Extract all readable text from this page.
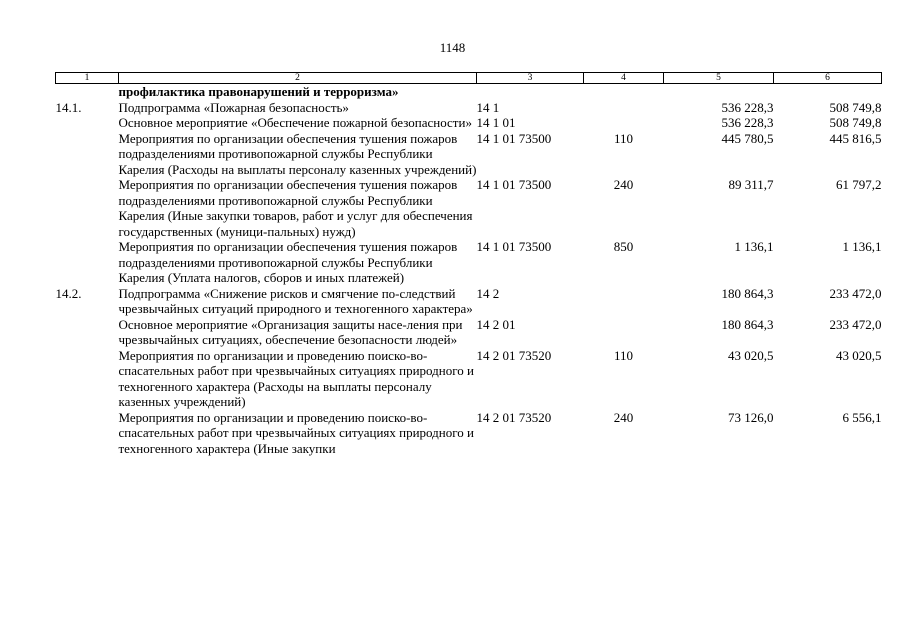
1148
1	2	3	4	5	6
	профилактика правонарушений и терроризма»				
14.1.	Подпрограмма «Пожарная безопасность»	14 1		536 228,3	508 749,8
	Основное мероприятие «Обеспечение пожарной безопасности»	14 1 01		536 228,3	508 749,8
	Мероприятия по организации обеспечения тушения пожаров подразделениями противопожарной службы Республики Карелия (Расходы на выплаты персоналу казенных учреждений)	14 1 01 73500	110	445 780,5	445 816,5
	Мероприятия по организации обеспечения тушения пожаров подразделениями противопожарной службы Республики Карелия (Иные закупки товаров, работ и услуг для обеспечения государственных (муници-пальных) нужд)	14 1 01 73500	240	89 311,7	61 797,2
	Мероприятия по организации обеспечения тушения пожаров подразделениями противопожарной службы Республики Карелия (Уплата налогов, сборов и иных платежей)	14 1 01 73500	850	1 136,1	1 136,1
14.2.	Подпрограмма «Снижение рисков и смягчение по-следствий чрезвычайных ситуаций природного и техногенного характера»	14 2		180 864,3	233 472,0
	Основное мероприятие «Организация защиты насе-ления при чрезвычайных ситуациях, обеспечение безопасности людей»	14 2 01		180 864,3	233 472,0
	Мероприятия по организации и проведению поиско-во-спасательных работ при чрезвычайных ситуациях природного и техногенного характера (Расходы на выплаты персоналу казенных учреждений)	14 2 01 73520	110	43 020,5	43 020,5
	Мероприятия по организации и проведению поиско-во-спасательных работ при чрезвычайных ситуациях природного и техногенного характера (Иные закупки	14 2 01 73520	240	73 126,0	6 556,1
